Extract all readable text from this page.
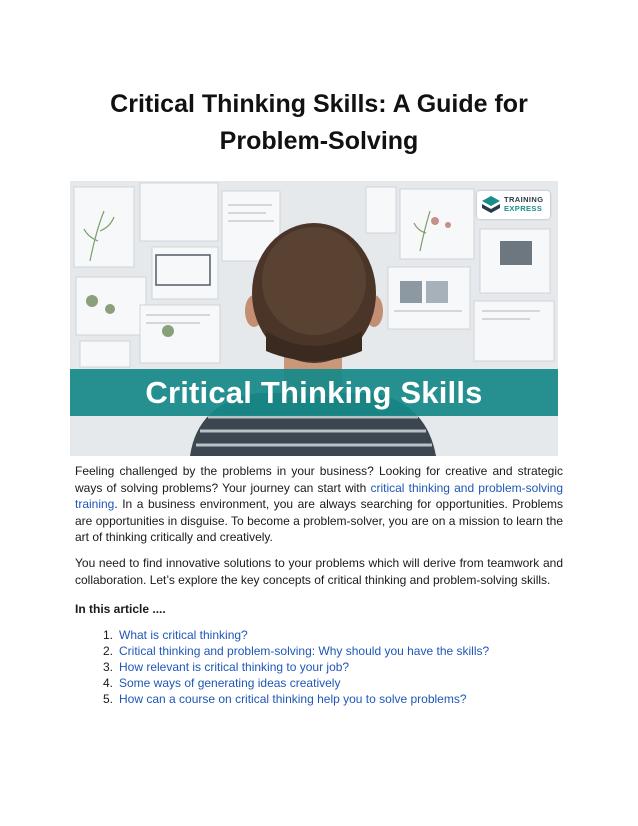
Critical Thinking Skills: A Guide for
Problem-Solving
Critical Thinking Skills
TRAINING
EXPRESS
Feeling challenged by the problems in your business? Looking for creative and strategic ways of solving problems? Your journey can start with critical thinking and problem-solving training. In a business environment, you are always searching for opportunities. Problems are opportunities in disguise. To become a problem-solver, you are on a mission to learn the art of thinking critically and creatively.
You need to find innovative solutions to your problems which will derive from teamwork and collaboration. Let’s explore the key concepts of critical thinking and problem-solving skills.
In this article ....
1. What is critical thinking?
2. Critical thinking and problem-solving: Why should you have the skills?
3. How relevant is critical thinking to your job?
4. Some ways of generating ideas creatively
5. How can a course on critical thinking help you to solve problems?
